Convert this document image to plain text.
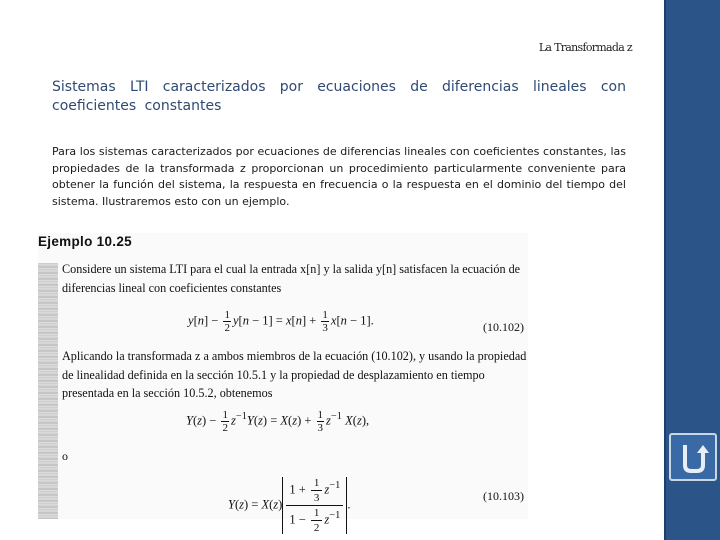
La Transformada z
Sistemas LTI caracterizados por ecuaciones de diferencias lineales con coeficientes constantes
Para los sistemas caracterizados por ecuaciones de diferencias lineales con coeficientes constantes, las propiedades de la transformada z proporcionan un procedimiento particularmente conveniente para obtener la función del sistema, la respuesta en frecuencia o la respuesta en el dominio del tiempo del sistema. Ilustraremos esto con un ejemplo.
Ejemplo 10.25
Considere un sistema LTI para el cual la entrada x[n] y la salida y[n] satisfacen la ecuación de diferencias lineal con coeficientes constantes
$y[n] - \frac{1}{2} y[n - 1] = x[n] + \frac{1}{3} x[n - 1]$.	(10.102)
Aplicando la transformada z a ambos miembros de la ecuación (10.102), y usando la propiedad de linealidad definida en la sección 10.5.1 y la propiedad de desplazamiento en tiempo presentada en la sección 10.5.2, obtenemos
$Y(z) - \frac{1}{2} z^{-1}Y(z) = X(z) + \frac{1}{3} z^{-1}$ X(z),
o
$Y(z) = X(z) \frac{1 + \frac{1}{3} z^{-1}}{1 - \frac{1}{2} z^{-1}}$ .
(10.103)
